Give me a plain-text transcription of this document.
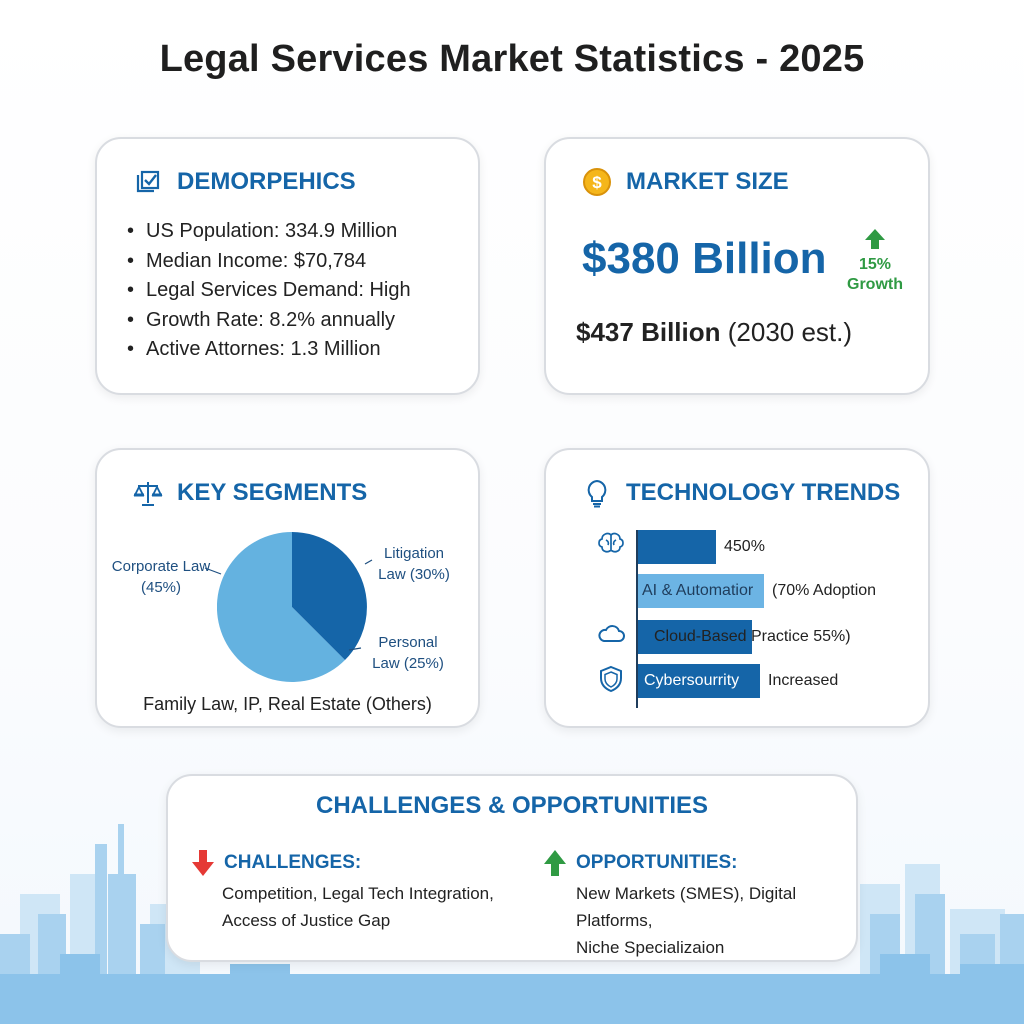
Legal Services Market Statistics - 2025
DEMORPEHICS
• US Population: 334.9 Million
• Median Income: $70,784
• Legal Services Demand: High
• Growth Rate: 8.2% annually
• Active Attornes: 1.3 Million
$ MARKET SIZE
$380 Billion	15%
Growth
$437 Billion (2030 est.)
KEY SEGMENTS
Corporate Law
(45%)
Litigation
Law (30%)
Personal
Law (25%)
Family Law, IP, Real Estate (Others)
TECHNOLOGY TRENDS
450%
AI & Automatior (70% Adoption
Cloud-Based Practice 55%)
Cybersourrity Increased
CHALLENGES & OPPORTUNITIES
CHALLENGES:
Competition, Legal Tech Integration,
Access of Justice Gap
OPPORTUNITIES:
New Markets (SMES), Digital Platforms,
Niche Specializaion
